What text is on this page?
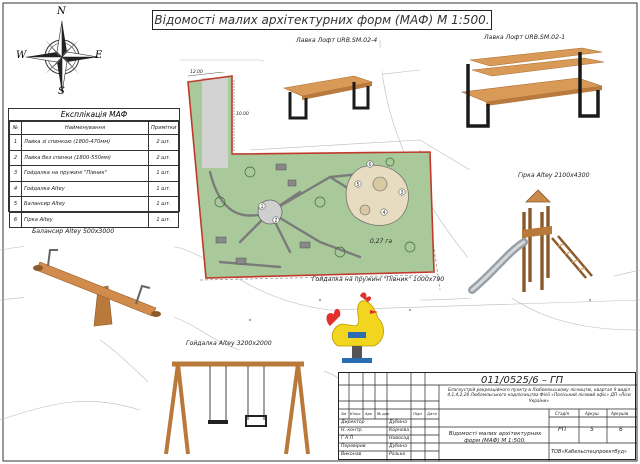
Відомості малих архітектурних форм (МАФ) М 1:500.
N
S
W	E
6
5
3
1
2
4
12.00
10.00
0,27 га
Лавка Лофт URB.SM.02-4	Лавка Лофт URB.SM.02-1
Експлікація МАФ
№	Найменування	Примітки
1	Лавка зі спинкою (1800-470мм)	2 шт.
2	Лавка без спинки (1800-550мм)	2 шт.
3	Гойдалка на пружині "Півник"	1 шт.
4	Гойдалка Altey	1 шт.
5	Балансир Altey	1 шт.
6	Гірка Altey	1 шт.
Гірка Altey 2100х4300
Балансир Altey 500х3000
Гойдалка на пружині "Півник" 1000х790
Гойдалка Altey 3200х2000
011/0525/6 – ГП
Благоустрій рекреаційного пункту в Любомльському лісництві, квартал 9 виділ 4,1,4,2,26 Любомльського надлісництва Філії «Поліський лісовий офіс» ДП «Ліси України»
Зм Кільк Арк № док	Підп Дата
Директор	Дубина
Н. контр.	Корнєва
Г А П	Новосад
Перевірив	Дубина
Виконав	Разько
Відомості малих архітектурних форм (МАФ) М 1:500.
Стадія	Аркуш	Аркушів
РП	5	6
ТОВ«Кабельспецпроектбуд»
